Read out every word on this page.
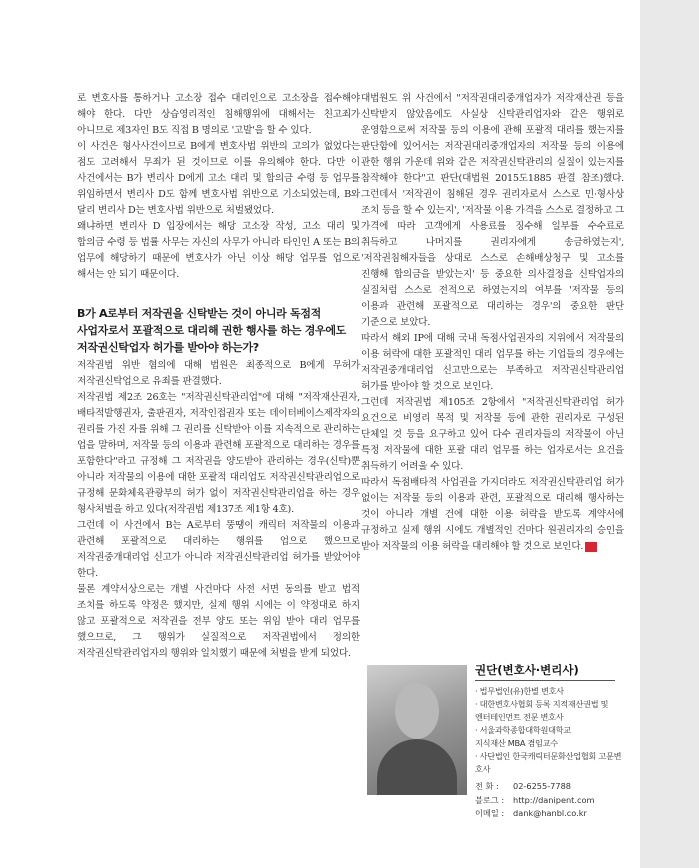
로 변호사를 통하거나 고소장 접수 대리인으로 고소장을 접수해야 해야 한다. 다만 상습영리적인 침해행위에 대해서는 친고죄가 아니므로 제3자인 B도 직접 B 명의로 '고발'을 할 수 있다.

이 사건은 형사사건이므로 B에게 변호사법 위반의 고의가 없었다는 점도 고려해서 무죄가 된 것이므로 이를 유의해야 한다. 다만 이 사건에서는 B가 변리사 D에게 고소 대리 및 합의금 수령 등 업무를 위임하면서 변리사 D도 함께 변호사법 위반으로 기소되었는데, B와 달리 변리사 D는 변호사법 위반으로 처벌됐었다.

왜냐하면 변리사 D 입장에서는 해당 고소장 작성, 고소 대리 및 합의금 수령 등 법률 사무는 자신의 사무가 아니라 타인인 A 또는 B의 업무에 해당하기 때문에 변호사가 아닌 이상 해당 업무를 업으로 해서는 안 되기 때문이다.

B가 A로부터 저작권을 신탁받는 것이 아니라 독점적 사업자로서 포괄적으로 대리해 권한 행사를 하는 경우에도 저작권신탁업자 허가를 받아야 하는가?

저작권법 위반 혐의에 대해 법원은 최종적으로 B에게 무허가 저작권신탁업으로 유죄를 판결했다.

저작권법 제2조 26호는 "저작권신탁관리업"에 대해 "저작재산권자, 배타적발행권자, 출판권자, 저작인접권자 또는 데이터베이스제작자의 권리를 가진 자를 위해 그 권리를 신탁받아 이를 지속적으로 관리하는 업을 말하며, 저작물 등의 이용과 관련해 포괄적으로 대리하는 경우를 포함한다"라고 규정해 그 저작권을 양도받아 관리하는 경우(신탁)뿐 아니라 저작물의 이용에 대한 포괄적 대리업도 저작권신탁관리업으로 규정해 문화체육관광부의 허가 없이 저작권신탁관리업을 하는 경우 형사처벌을 하고 있다(저작권법 제137조 제1항 4호).

그런데 이 사건에서 B는 A로부터 뚱땡이 캐릭터 저작물의 이용과 관련해 포괄적으로 대리하는 행위를 업으로 했으므로 저작권중개대리업 신고가 아니라 저작권신탁관리업 허가를 받았어야 한다.

물론 계약서상으로는 개별 사건마다 사전 서면 동의를 받고 법적 조치를 하도록 약정은 했지만, 실제 행위 시에는 이 약정대로 하지 않고 포괄적으로 저작권을 전부 양도 또는 위임 받아 대리 업무를 했으므로, 그 행위가 실질적으로 저작권법에서 정의한 저작권신탁관리업자의 행위와 일치했기 때문에 처벌을 받게 되었다.

대법원도 위 사건에서 "저작권대리중개업자가 저작재산권 등을 신탁받지 않았음에도 사실상 신탁관리업자와 같은 행위로 운영함으로써 저작물 등의 이용에 관해 포괄적 대리를 했는지를 판단함에 있어서는 저작권대리중개업자의 저작물 등의 이용에 관한 행위 가운데 위와 같은 저작권신탁관리의 실질이 있는지를 참작해야 한다"고 판단(대법원 2015도1885 판결 참조)했다. 그런데서 '저작권이 침해된 경우 권리자로서 스스로 민·형사상 조치 등을 할 수 있는지', '저작물 이용 가격을 스스로 결정하고 그 가격에 따라 고객에게 사용료를 징수해 일부를 수수료로 취득하고 나머지를 권리자에게 송금하였는지', '저작권침해자들을 상대로 스스로 손해배상청구 및 고소를 진행해 합의금을 받았는지' 등 중요한 의사결정을 신탁업자의 실질처럼 스스로 전적으로 하였는지의 여부를 '저작물 등의 이용과 관련해 포괄적으로 대리하는 경우'의 중요한 판단 기준으로 보았다.

따라서 해외 IP에 대해 국내 독점사업권자의 지위에서 저작물의 이용 허락에 대한 포괄적인 대리 업무를 하는 기업들의 경우에는 저작권중개대리업 신고만으로는 부족하고 저작권신탁관리업 허가를 받아야 할 것으로 보인다.

그런데 저작권법 제105조 2항에서 "저작권신탁관리업 허가 요건으로 비영리 목적 및 저작물 등에 관한 권리자로 구성된 단체일 것 등을 요구하고 있어 다수 권리자들의 저작물이 아닌 특정 저작물에 대한 포괄 대리 업무를 하는 업자로서는 요건을 취득하기 어려울 수 있다.

따라서 독점배타적 사업권을 가지더라도 저작권신탁관리업 허가 없이는 저작물 등의 이용과 관련, 포괄적으로 대리해 행사하는 것이 아니라 개별 건에 대한 이용 허락을 받도록 계약서에 규정하고 실제 행위 시에도 개별적인 건마다 원권리자의 승인을 받아 저작물의 이용 허락을 대리해야 할 것으로 보인다.

권단(변호사·변리사)
· 법무법인(유)한별 변호사
· 대한변호사협회 등록 지적재산권법 및
엔터테인먼트 전문 변호사
· 서울과학종합대학원대학교
지식재산 MBA 겸임교수
· 사단법인 한국캐릭터문화산업협회 고문변호사
전 화 : 02-6255-7788
블로그 : http://danipent.com
이메일 : dank@hanbl.co.kr
